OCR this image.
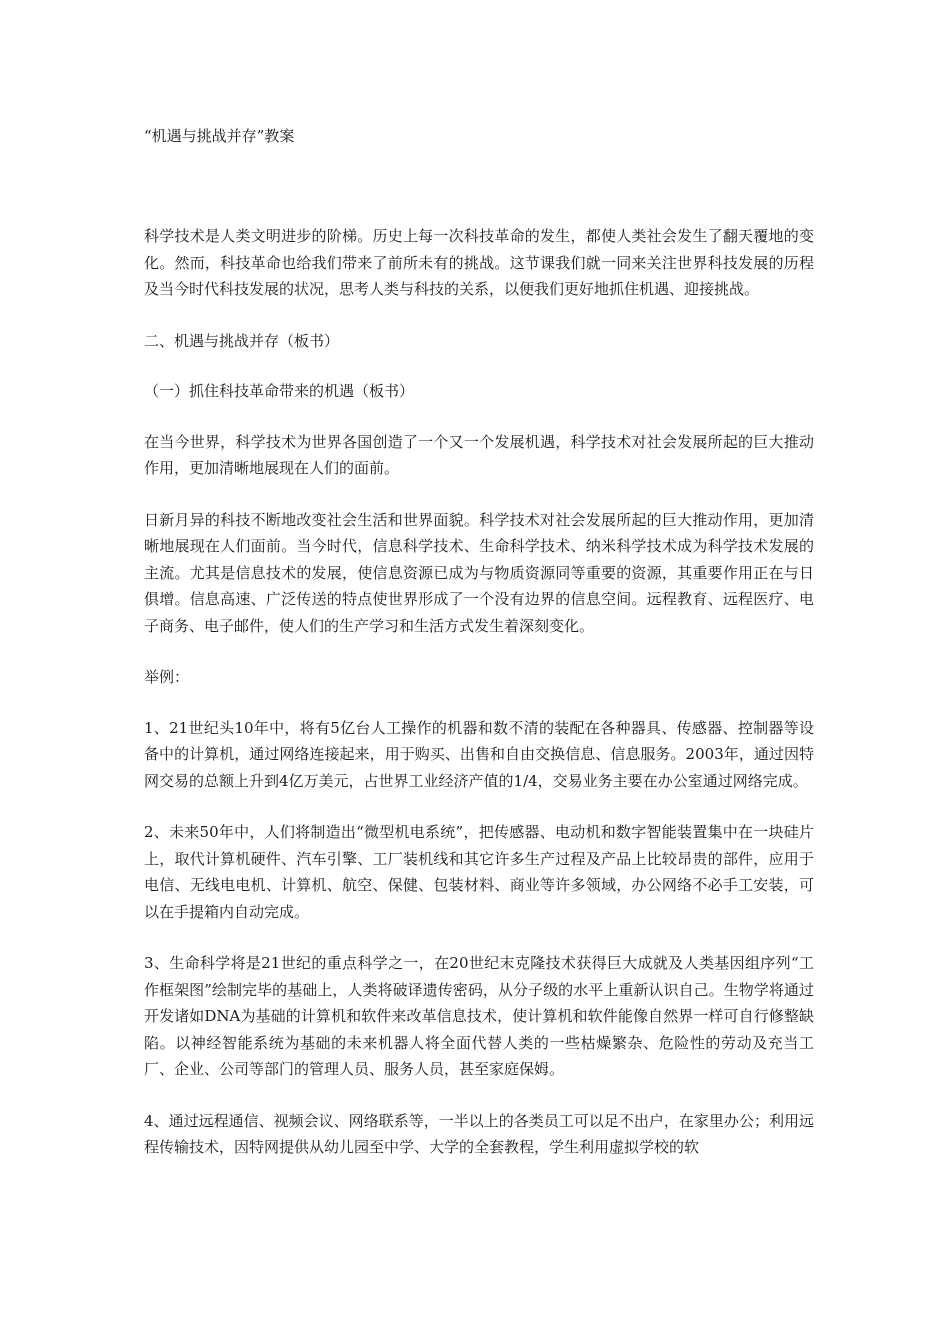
“机遇与挑战并存”教案

科学技术是人类文明进步的阶梯。历史上每一次科技革命的发生，都使人类社会发生了翻天覆地的变化。然而，科技革命也给我们带来了前所未有的挑战。这节课我们就一同来关注世界科技发展的历程及当今时代科技发展的状况，思考人类与科技的关系，以便我们更好地抓住机遇、迎接挑战。

二、机遇与挑战并存（板书）

（一）抓住科技革命带来的机遇（板书）

在当今世界，科学技术为世界各国创造了一个又一个发展机遇，科学技术对社会发展所起的巨大推动作用，更加清晰地展现在人们的面前。

日新月异的科技不断地改变社会生活和世界面貌。科学技术对社会发展所起的巨大推动作用，更加清晰地展现在人们面前。当今时代，信息科学技术、生命科学技术、纳米科学技术成为科学技术发展的主流。尤其是信息技术的发展，使信息资源已成为与物质资源同等重要的资源，其重要作用正在与日俱增。信息高速、广泛传送的特点使世界形成了一个没有边界的信息空间。远程教育、远程医疗、电子商务、电子邮件，使人们的生产学习和生活方式发生着深刻变化。

举例：

1、21世纪头10年中，将有5亿台人工操作的机器和数不清的装配在各种器具、传感器、控制器等设备中的计算机，通过网络连接起来，用于购买、出售和自由交换信息、信息服务。2003年，通过因特网交易的总额上升到4亿万美元，占世界工业经济产值的1/4，交易业务主要在办公室通过网络完成。

2、未来50年中，人们将制造出“微型机电系统”，把传感器、电动机和数字智能装置集中在一块硅片上，取代计算机硬件、汽车引擎、工厂装机线和其它许多生产过程及产品上比较昂贵的部件，应用于电信、无线电电机、计算机、航空、保健、包装材料、商业等许多领域，办公网络不必手工安装，可以在手提箱内自动完成。

3、生命科学将是21世纪的重点科学之一，在20世纪末克隆技术获得巨大成就及人类基因组序列“工作框架图”绘制完毕的基础上，人类将破译遗传密码，从分子级的水平上重新认识自己。生物学将通过开发诸如DNA为基础的计算机和软件来改革信息技术，使计算机和软件能像自然界一样可自行修整缺陷。以神经智能系统为基础的未来机器人将全面代替人类的一些枯燥繁杂、危险性的劳动及充当工厂、企业、公司等部门的管理人员、服务人员，甚至家庭保姆。

4、通过远程通信、视频会议、网络联系等，一半以上的各类员工可以足不出户，在家里办公；利用远程传输技术，因特网提供从幼儿园至中学、大学的全套教程，学生利用虚拟学校的软
